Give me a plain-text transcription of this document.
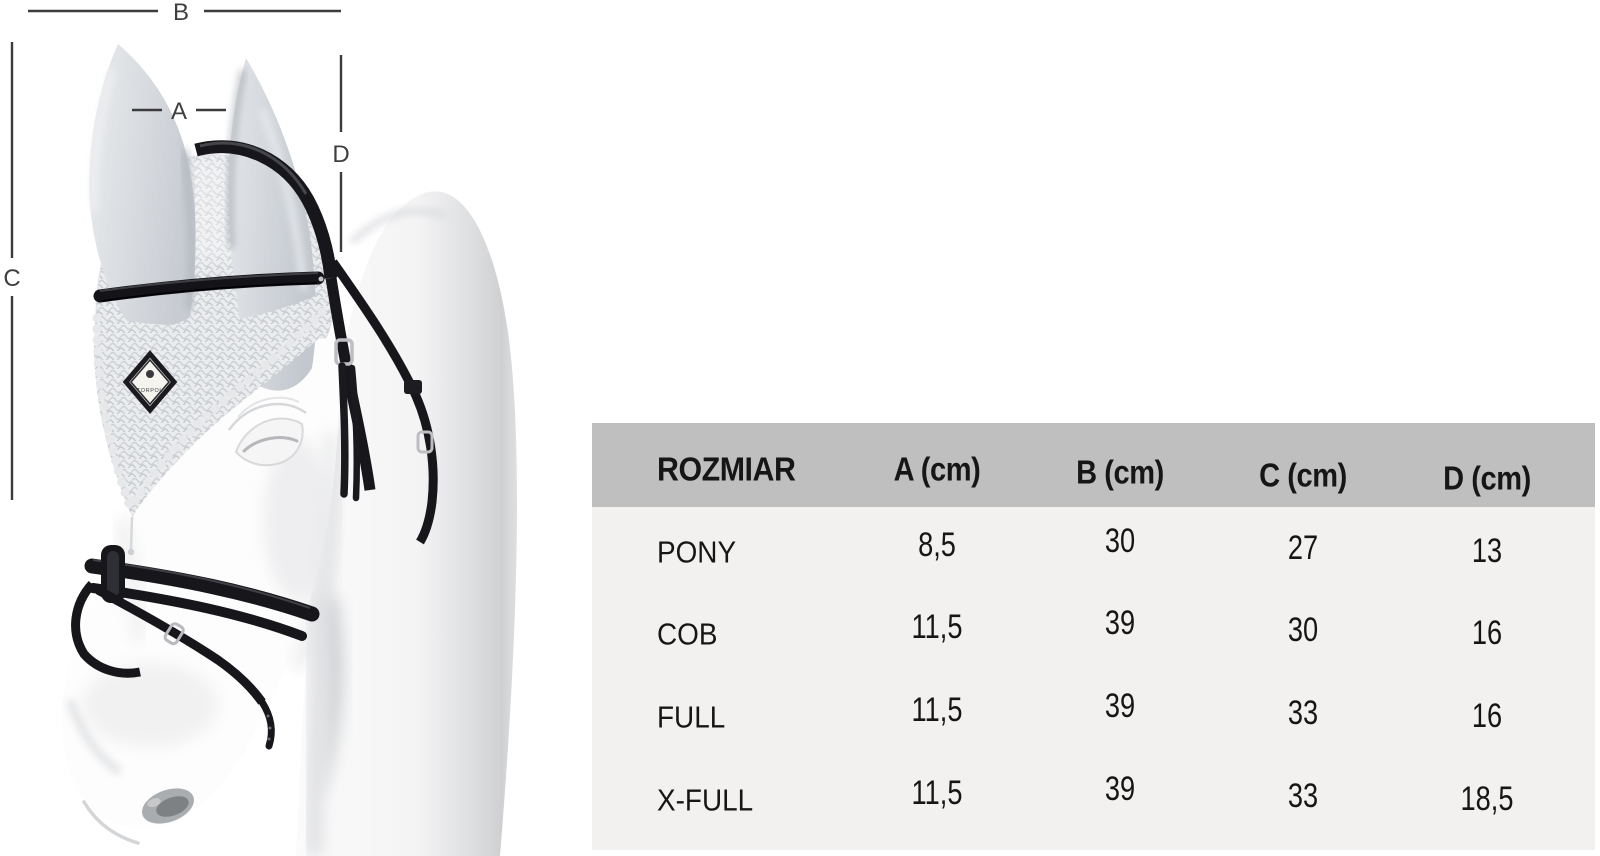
TORPOL
B
A
C
D
ROZMIAR	A (cm)	B (cm)	C (cm)	D (cm)
PONY	8,5	30	27	13
COB	11,5	39	30	16
FULL	11,5	39	33	16
X-FULL	11,5	39	33	18,5
